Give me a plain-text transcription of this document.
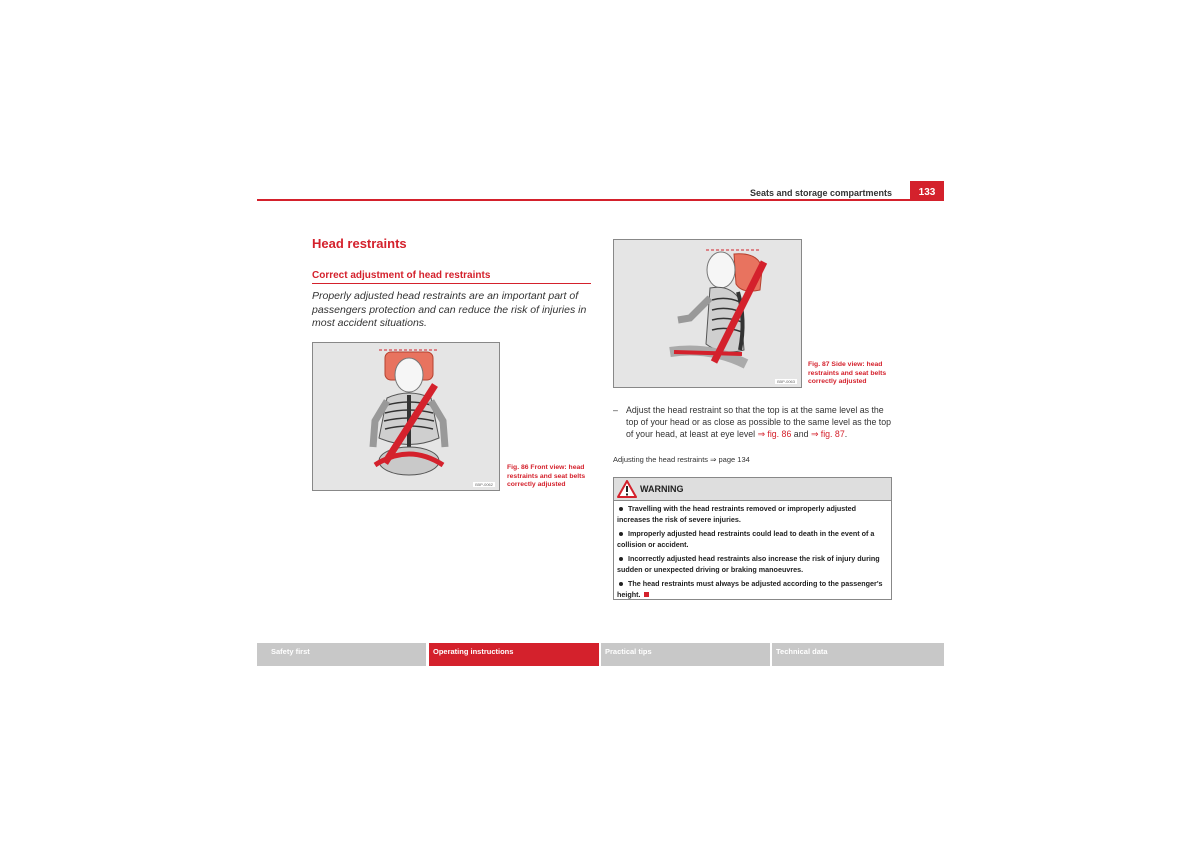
Seats and storage compartments	133
Head restraints
Correct adjustment of head restraints
Properly adjusted head restraints are an important part of passengers protection and can reduce the risk of injuries in most accident situations.
B5P-0062
Fig. 86 Front view: head restraints and seat belts correctly adjusted
B5P-0063
Fig. 87 Side view: head restraints and seat belts correctly adjusted
– Adjust the head restraint so that the top is at the same level as the top of your head or as close as possible to the same level as the top of your head, at least at eye level ⇒ fig. 86 and ⇒ fig. 87.
Adjusting the head restraints ⇒ page 134
WARNING
Travelling with the head restraints removed or improperly adjusted increases the risk of severe injuries.
Improperly adjusted head restraints could lead to death in the event of a collision or accident.
Incorrectly adjusted head restraints also increase the risk of injury during sudden or unexpected driving or braking manoeuvres.
The head restraints must always be adjusted according to the passenger's height.
Safety first	Operating instructions	Practical tips	Technical data
